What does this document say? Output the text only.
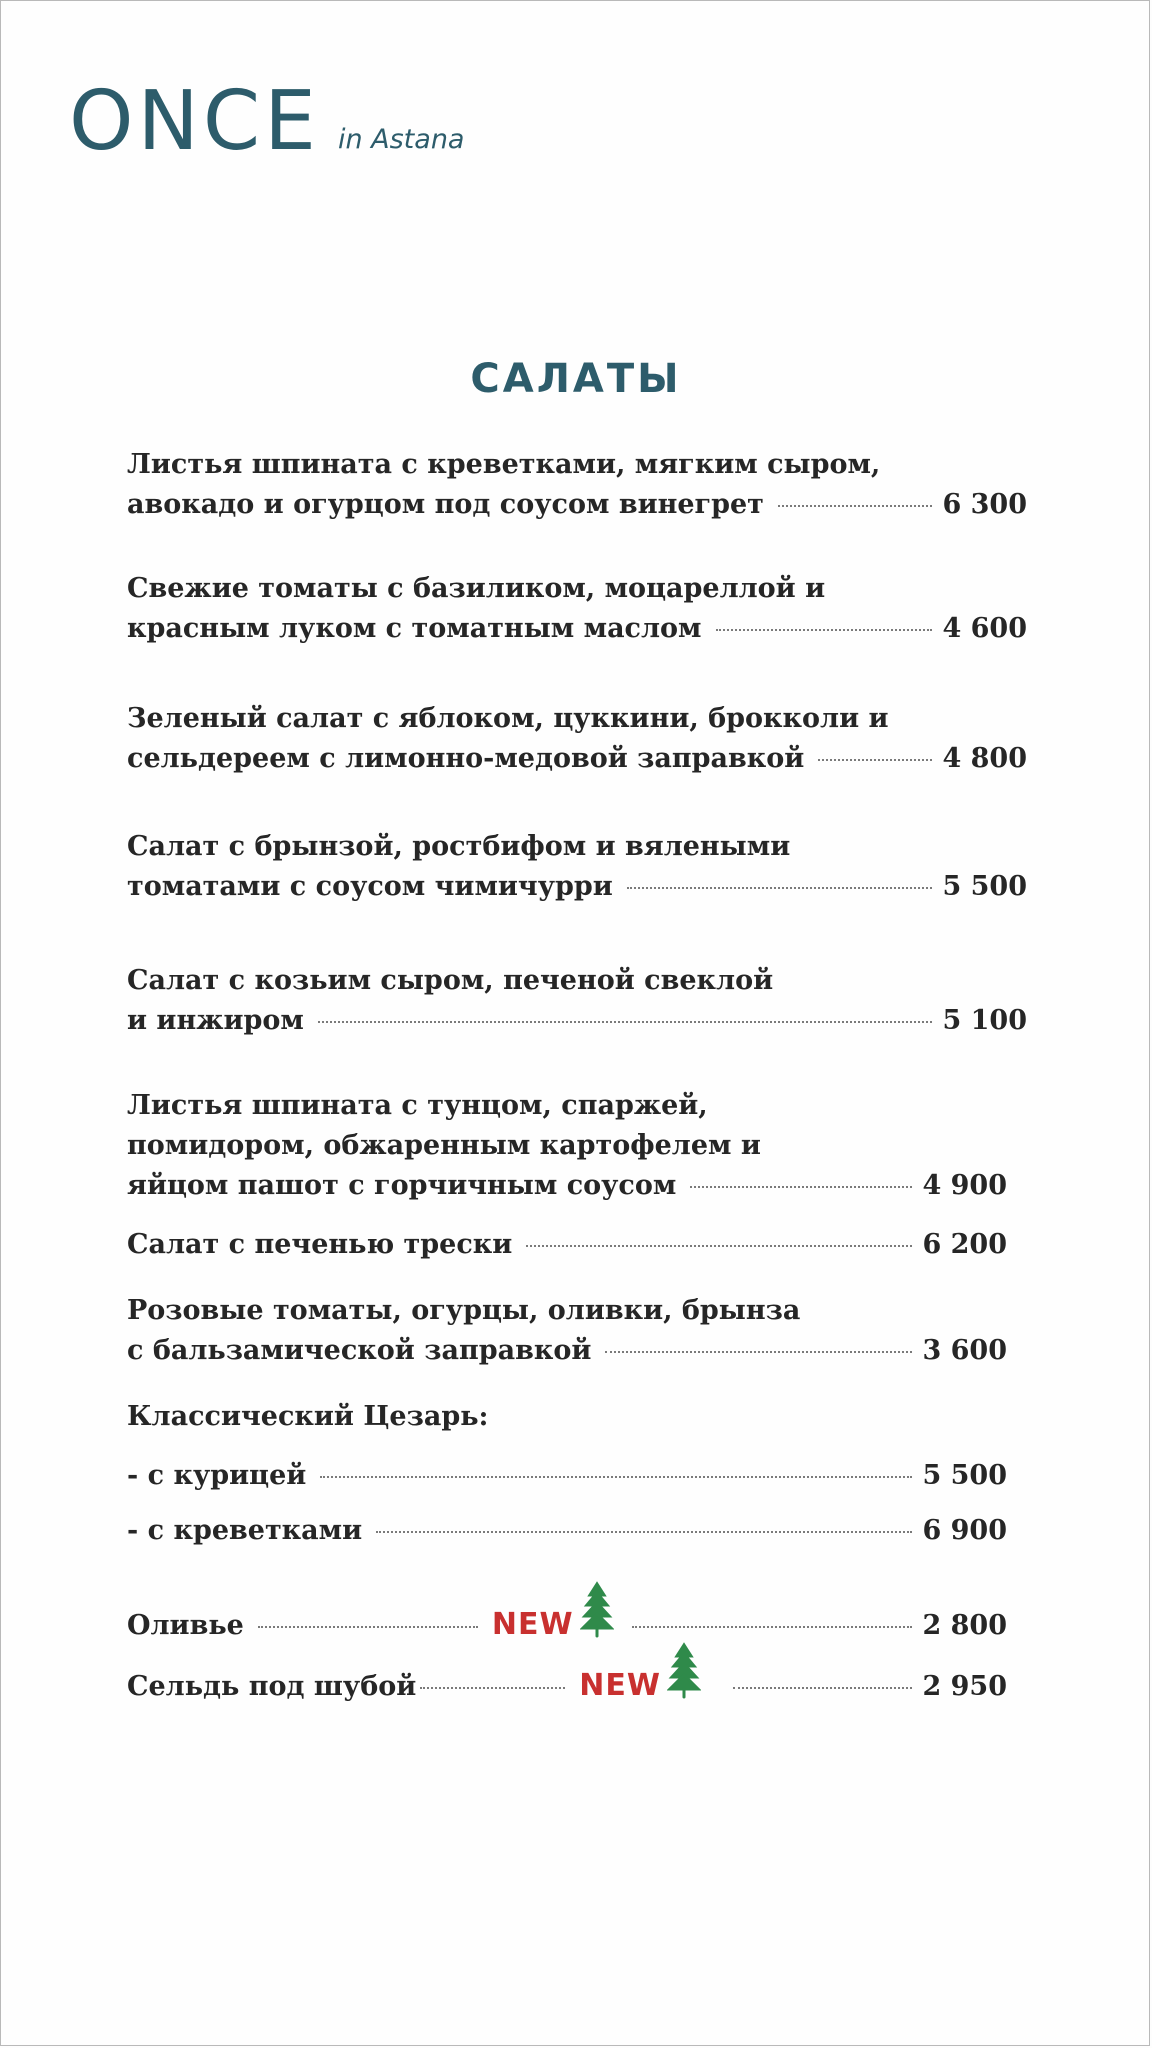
ONCE in Astana
САЛАТЫ
Листья шпината с креветками, мягким сыром,
авокадо и огурцом под соусом винегрет	6 300
Свежие томаты с базиликом, моцареллой и
красным луком с томатным маслом	4 600
Зеленый салат с яблоком, цуккини, брокколи и
сельдереем с лимонно-медовой заправкой	4 800
Салат с брынзой, ростбифом и вялеными
томатами с соусом чимичурри	5 500
Салат с козьим сыром, печеной свеклой
и инжиром	5 100
Листья шпината с тунцом, спаржей,
помидором, обжаренным картофелем и
яйцом пашот с горчичным соусом	4 900
Салат с печенью трески	6 200
Розовые томаты, огурцы, оливки, брынза
с бальзамической заправкой	3 600
Классический Цезарь:
- с курицей	5 500
- с креветками	6 900
Оливье	NEW	2 800
Сельдь под шубой	NEW	2 950
